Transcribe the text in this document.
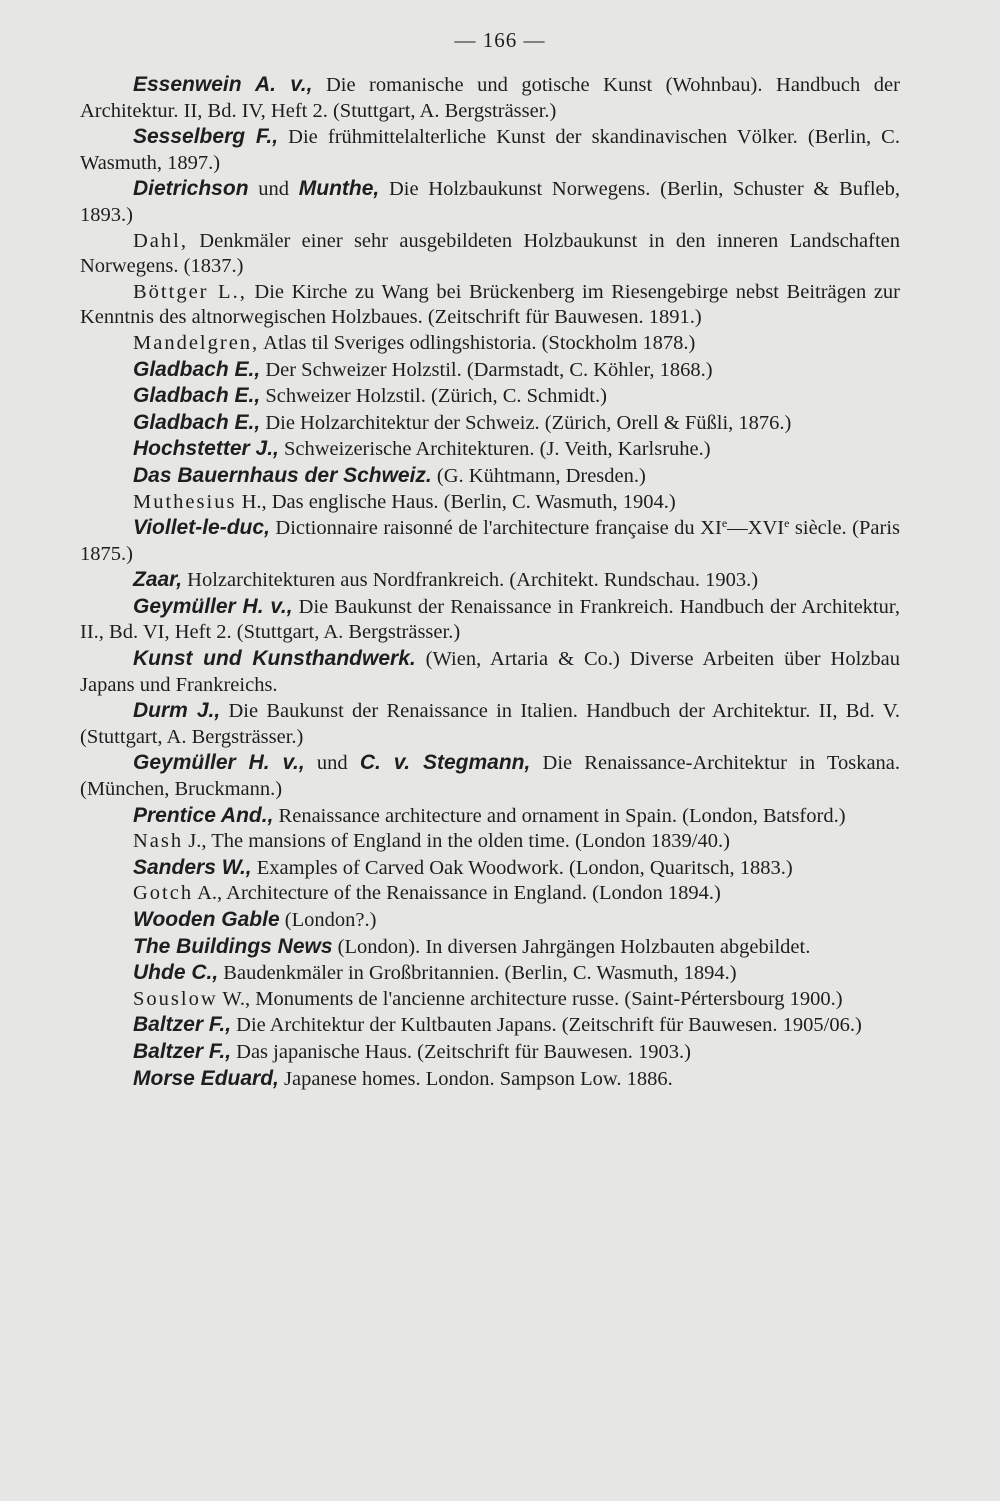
— 166 —

Essenwein A. v., Die romanische und gotische Kunst (Wohnbau). Handbuch der Architektur. II, Bd. IV, Heft 2. (Stuttgart, A. Bergsträsser.)

Sesselberg F., Die frühmittelalterliche Kunst der skandinavischen Völker. (Berlin, C. Wasmuth, 1897.)

Dietrichson und Munthe, Die Holzbaukunst Norwegens. (Berlin, Schuster & Bufleb, 1893.)

Dahl, Denkmäler einer sehr ausgebildeten Holzbaukunst in den inneren Landschaften Norwegens. (1837.)

Böttger L., Die Kirche zu Wang bei Brückenberg im Riesengebirge nebst Beiträgen zur Kenntnis des altnorwegischen Holzbaues. (Zeitschrift für Bauwesen. 1891.)

Mandelgren, Atlas til Sveriges odlingshistoria. (Stockholm 1878.)

Gladbach E., Der Schweizer Holzstil. (Darmstadt, C. Köhler, 1868.)

Gladbach E., Schweizer Holzstil. (Zürich, C. Schmidt.)

Gladbach E., Die Holzarchitektur der Schweiz. (Zürich, Orell & Füßli, 1876.)

Hochstetter J., Schweizerische Architekturen. (J. Veith, Karlsruhe.)

Das Bauernhaus der Schweiz. (G. Kühtmann, Dresden.)

Muthesius H., Das englische Haus. (Berlin, C. Wasmuth, 1904.)

Viollet-le-duc, Dictionnaire raisonné de l'architecture française du XIe—XVIe siècle. (Paris 1875.)

Zaar, Holzarchitekturen aus Nordfrankreich. (Architekt. Rundschau. 1903.)

Geymüller H. v., Die Baukunst der Renaissance in Frankreich. Handbuch der Architektur, II., Bd. VI, Heft 2. (Stuttgart, A. Bergsträsser.)

Kunst und Kunsthandwerk. (Wien, Artaria & Co.) Diverse Arbeiten über Holzbau Japans und Frankreichs.

Durm J., Die Baukunst der Renaissance in Italien. Handbuch der Architektur. II, Bd. V. (Stuttgart, A. Bergsträsser.)

Geymüller H. v., und C. v. Stegmann, Die Renaissance-Architektur in Toskana. (München, Bruckmann.)

Prentice And., Renaissance architecture and ornament in Spain. (London, Batsford.)

Nash J., The mansions of England in the olden time. (London 1839/40.)

Sanders W., Examples of Carved Oak Woodwork. (London, Quaritsch, 1883.)

Gotch A., Architecture of the Renaissance in England. (London 1894.)

Wooden Gable (London?.)

The Buildings News (London). In diversen Jahrgängen Holzbauten abgebildet.

Uhde C., Baudenkmäler in Großbritannien. (Berlin, C. Wasmuth, 1894.)

Souslow W., Monuments de l'ancienne architecture russe. (Saint-Pértersbourg 1900.)

Baltzer F., Die Architektur der Kultbauten Japans. (Zeitschrift für Bauwesen. 1905/06.)

Baltzer F., Das japanische Haus. (Zeitschrift für Bauwesen. 1903.)

Morse Eduard, Japanese homes. London. Sampson Low. 1886.
